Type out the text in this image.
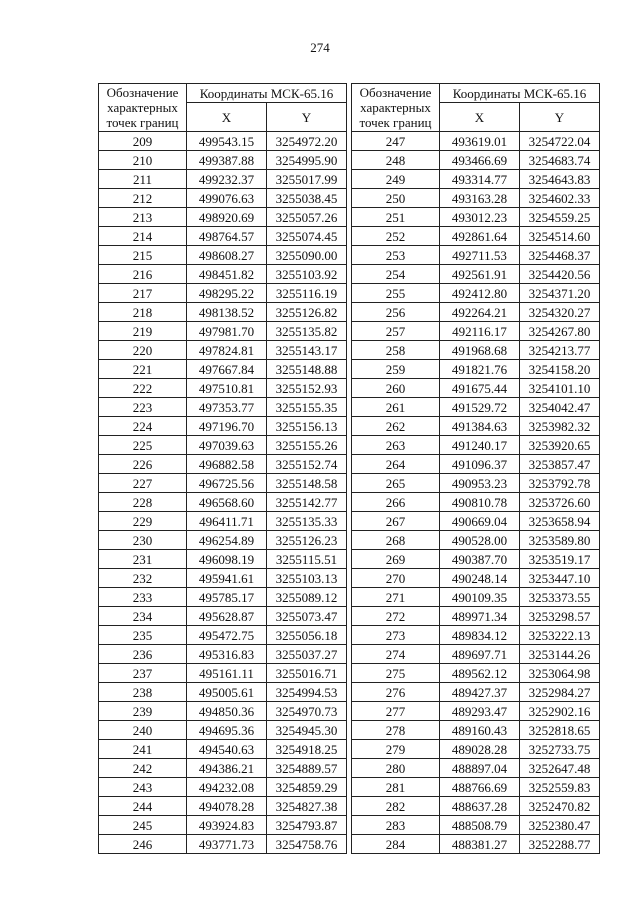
274
Обозначение
характерных
точек границ	Координаты МСК-65.16	
	X	Y
209	499543.15	3254972.20
210	499387.88	3254995.90
211	499232.37	3255017.99
212	499076.63	3255038.45
213	498920.69	3255057.26
214	498764.57	3255074.45
215	498608.27	3255090.00
216	498451.82	3255103.92
217	498295.22	3255116.19
218	498138.52	3255126.82
219	497981.70	3255135.82
220	497824.81	3255143.17
221	497667.84	3255148.88
222	497510.81	3255152.93
223	497353.77	3255155.35
224	497196.70	3255156.13
225	497039.63	3255155.26
226	496882.58	3255152.74
227	496725.56	3255148.58
228	496568.60	3255142.77
229	496411.71	3255135.33
230	496254.89	3255126.23
231	496098.19	3255115.51
232	495941.61	3255103.13
233	495785.17	3255089.12
234	495628.87	3255073.47
235	495472.75	3255056.18
236	495316.83	3255037.27
237	495161.11	3255016.71
238	495005.61	3254994.53
239	494850.36	3254970.73
240	494695.36	3254945.30
241	494540.63	3254918.25
242	494386.21	3254889.57
243	494232.08	3254859.29
244	494078.28	3254827.38
245	493924.83	3254793.87
246	493771.73	3254758.76
Обозначение
характерных
точек границ	Координаты МСК-65.16	
	X	Y
247	493619.01	3254722.04
248	493466.69	3254683.74
249	493314.77	3254643.83
250	493163.28	3254602.33
251	493012.23	3254559.25
252	492861.64	3254514.60
253	492711.53	3254468.37
254	492561.91	3254420.56
255	492412.80	3254371.20
256	492264.21	3254320.27
257	492116.17	3254267.80
258	491968.68	3254213.77
259	491821.76	3254158.20
260	491675.44	3254101.10
261	491529.72	3254042.47
262	491384.63	3253982.32
263	491240.17	3253920.65
264	491096.37	3253857.47
265	490953.23	3253792.78
266	490810.78	3253726.60
267	490669.04	3253658.94
268	490528.00	3253589.80
269	490387.70	3253519.17
270	490248.14	3253447.10
271	490109.35	3253373.55
272	489971.34	3253298.57
273	489834.12	3253222.13
274	489697.71	3253144.26
275	489562.12	3253064.98
276	489427.37	3252984.27
277	489293.47	3252902.16
278	489160.43	3252818.65
279	489028.28	3252733.75
280	488897.04	3252647.48
281	488766.69	3252559.83
282	488637.28	3252470.82
283	488508.79	3252380.47
284	488381.27	3252288.77
